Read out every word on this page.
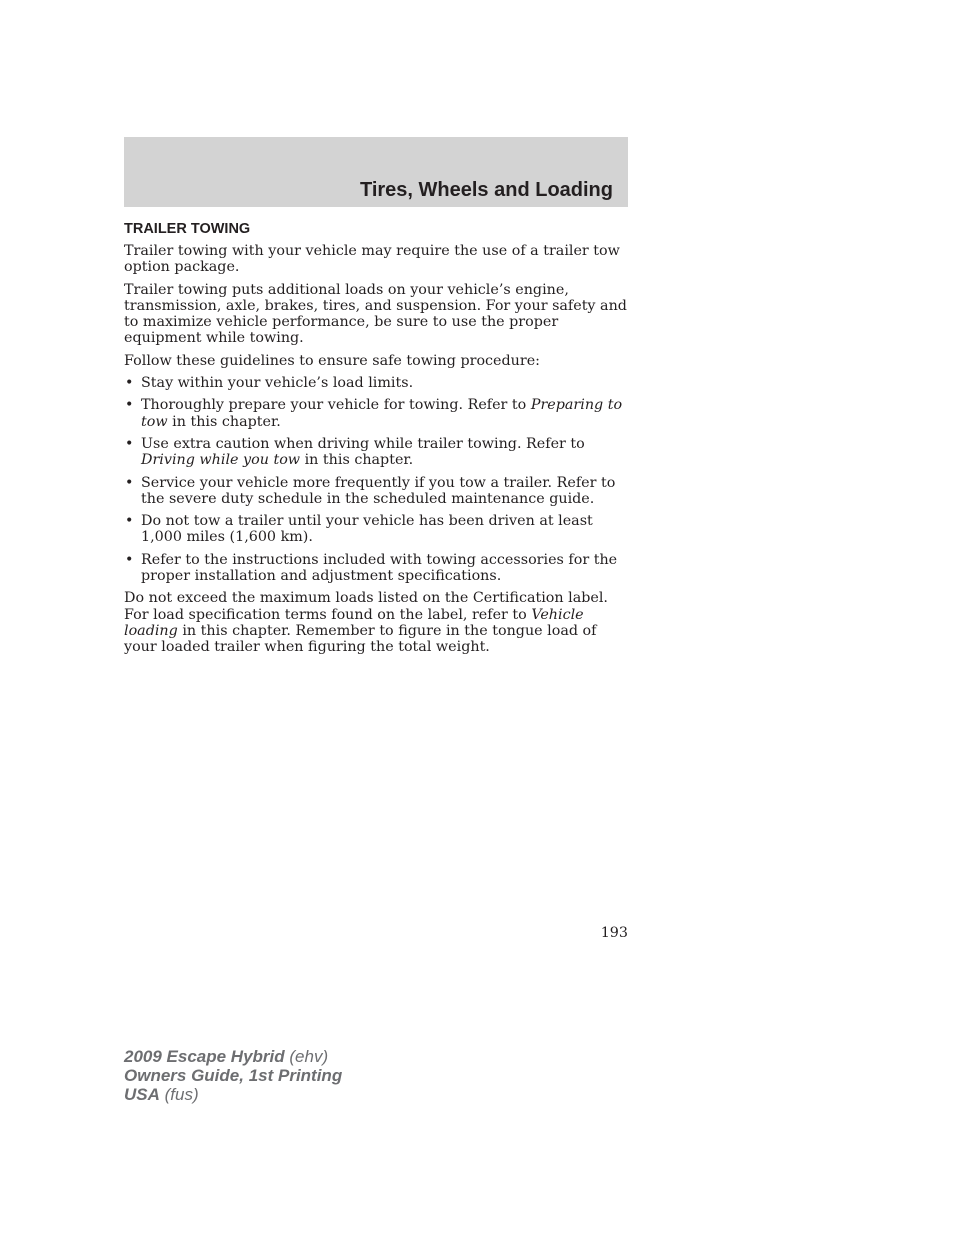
Tires, Wheels and Loading
TRAILER TOWING

Trailer towing with your vehicle may require the use of a trailer tow option package.

Trailer towing puts additional loads on your vehicle’s engine, transmission, axle, brakes, tires, and suspension. For your safety and to maximize vehicle performance, be sure to use the proper equipment while towing.

Follow these guidelines to ensure safe towing procedure:

• Stay within your vehicle’s load limits.
• Thoroughly prepare your vehicle for towing. Refer to Preparing to tow in this chapter.
• Use extra caution when driving while trailer towing. Refer to Driving while you tow in this chapter.
• Service your vehicle more frequently if you tow a trailer. Refer to the severe duty schedule in the scheduled maintenance guide.
• Do not tow a trailer until your vehicle has been driven at least 1,000 miles (1,600 km).
• Refer to the instructions included with towing accessories for the proper installation and adjustment specifications.

Do not exceed the maximum loads listed on the Certification label. For load specification terms found on the label, refer to Vehicle loading in this chapter. Remember to figure in the tongue load of your loaded trailer when figuring the total weight.

193
2009 Escape Hybrid (ehv)
Owners Guide, 1st Printing
USA (fus)
